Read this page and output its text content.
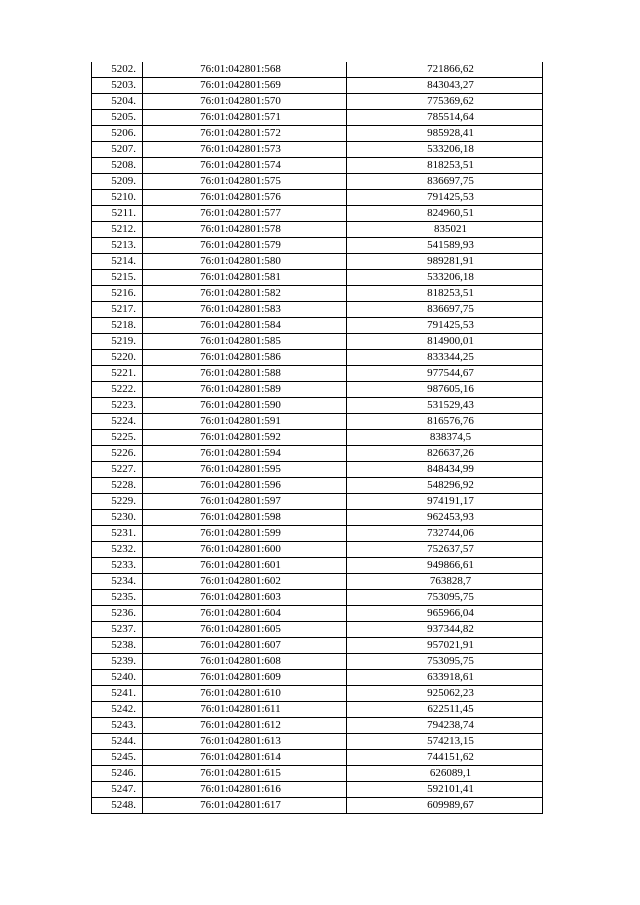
5202.	76:01:042801:568	721866,62
5203.	76:01:042801:569	843043,27
5204.	76:01:042801:570	775369,62
5205.	76:01:042801:571	785514,64
5206.	76:01:042801:572	985928,41
5207.	76:01:042801:573	533206,18
5208.	76:01:042801:574	818253,51
5209.	76:01:042801:575	836697,75
5210.	76:01:042801:576	791425,53
5211.	76:01:042801:577	824960,51
5212.	76:01:042801:578	835021
5213.	76:01:042801:579	541589,93
5214.	76:01:042801:580	989281,91
5215.	76:01:042801:581	533206,18
5216.	76:01:042801:582	818253,51
5217.	76:01:042801:583	836697,75
5218.	76:01:042801:584	791425,53
5219.	76:01:042801:585	814900,01
5220.	76:01:042801:586	833344,25
5221.	76:01:042801:588	977544,67
5222.	76:01:042801:589	987605,16
5223.	76:01:042801:590	531529,43
5224.	76:01:042801:591	816576,76
5225.	76:01:042801:592	838374,5
5226.	76:01:042801:594	826637,26
5227.	76:01:042801:595	848434,99
5228.	76:01:042801:596	548296,92
5229.	76:01:042801:597	974191,17
5230.	76:01:042801:598	962453,93
5231.	76:01:042801:599	732744,06
5232.	76:01:042801:600	752637,57
5233.	76:01:042801:601	949866,61
5234.	76:01:042801:602	763828,7
5235.	76:01:042801:603	753095,75
5236.	76:01:042801:604	965966,04
5237.	76:01:042801:605	937344,82
5238.	76:01:042801:607	957021,91
5239.	76:01:042801:608	753095,75
5240.	76:01:042801:609	633918,61
5241.	76:01:042801:610	925062,23
5242.	76:01:042801:611	622511,45
5243.	76:01:042801:612	794238,74
5244.	76:01:042801:613	574213,15
5245.	76:01:042801:614	744151,62
5246.	76:01:042801:615	626089,1
5247.	76:01:042801:616	592101,41
5248.	76:01:042801:617	609989,67
